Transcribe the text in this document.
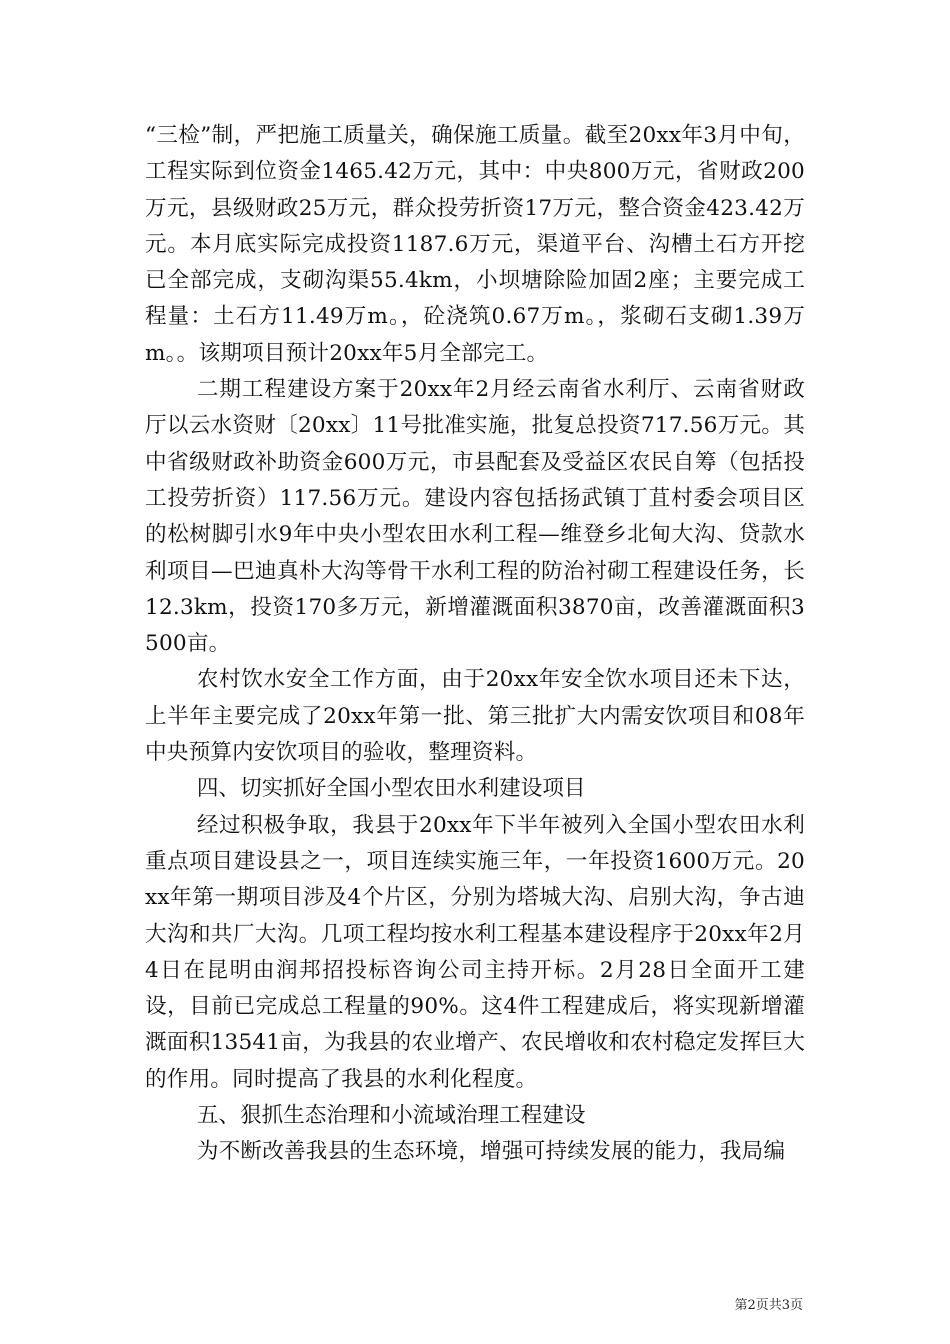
“三检”制，严把施工质量关，确保施工质量。截至20xx年3月中旬，工程实际到位资金1465.42万元，其中：中央800万元，省财政200万元，县级财政25万元，群众投劳折资17万元，整合资金423.42万元。本月底实际完成投资1187.6万元，渠道平台、沟槽土石方开挖已全部完成，支砌沟渠55.4km，小坝塘除险加固2座；主要完成工程量：土石方11.49万m。，砼浇筑0.67万m。，浆砌石支砌1.39万m。。该期项目预计20xx年5月全部完工。

二期工程建设方案于20xx年2月经云南省水利厅、云南省财政厅以云水资财〔20xx〕11号批准实施，批复总投资717.56万元。其中省级财政补助资金600万元，市县配套及受益区农民自筹（包括投工投劳折资）117.56万元。建设内容包括扬武镇丁苴村委会项目区的松树脚引水9年中央小型农田水利工程—维登乡北甸大沟、贷款水利项目—巴迪真朴大沟等骨干水利工程的防治衬砌工程建设任务，长12.3km，投资170多万元，新增灌溉面积3870亩，改善灌溉面积3500亩。

农村饮水安全工作方面，由于20xx年安全饮水项目还未下达，上半年主要完成了20xx年第一批、第三批扩大内需安饮项目和08年中央预算内安饮项目的验收，整理资料。

四、切实抓好全国小型农田水利建设项目

经过积极争取，我县于20xx年下半年被列入全国小型农田水利重点项目建设县之一，项目连续实施三年，一年投资1600万元。20xx年第一期项目涉及4个片区，分别为塔城大沟、启别大沟，争古迪大沟和共厂大沟。几项工程均按水利工程基本建设程序于20xx年2月4日在昆明由润邦招投标咨询公司主持开标。2月28日全面开工建设，目前已完成总工程量的90%。这4件工程建成后，将实现新增灌溉面积13541亩，为我县的农业增产、农民增收和农村稳定发挥巨大的作用。同时提高了我县的水利化程度。

五、狠抓生态治理和小流域治理工程建设

为不断改善我县的生态环境，增强可持续发展的能力，我局编

第2页共3页
